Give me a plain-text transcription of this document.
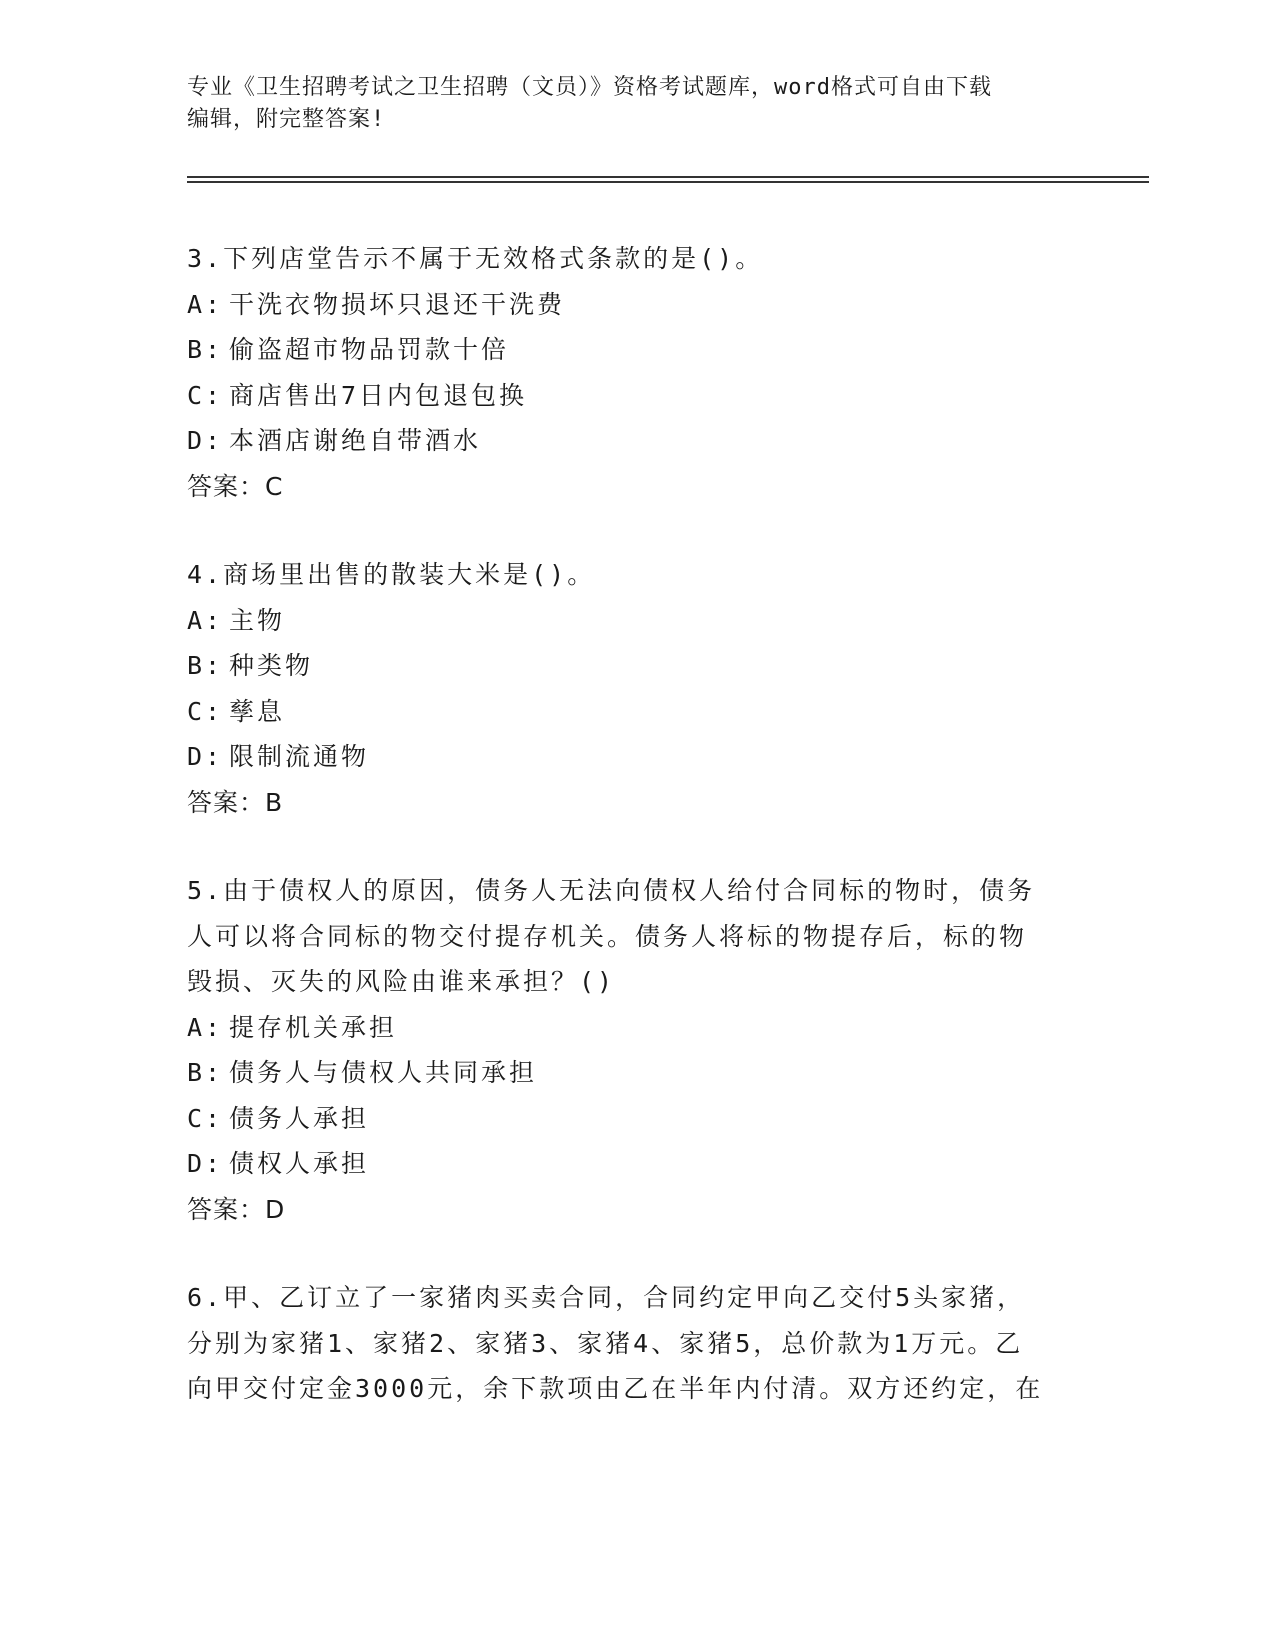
专业《卫生招聘考试之卫生招聘（文员）》资格考试题库，word格式可自由下载
编辑，附完整答案!
3.下列店堂告示不属于无效格式条款的是()。
A: 干洗衣物损坏只退还干洗费
B: 偷盗超市物品罚款十倍
C: 商店售出7日内包退包换
D: 本酒店谢绝自带酒水
答案：C
4.商场里出售的散装大米是()。
A: 主物
B: 种类物
C: 孳息
D: 限制流通物
答案：B
5.由于债权人的原因，债务人无法向债权人给付合同标的物时，债务
人可以将合同标的物交付提存机关。债务人将标的物提存后，标的物
毁损、灭失的风险由谁来承担？()
A: 提存机关承担
B: 债务人与债权人共同承担
C: 债务人承担
D: 债权人承担
答案：D
6.甲、乙订立了一家猪肉买卖合同，合同约定甲向乙交付5头家猪，
分别为家猪1、家猪2、家猪3、家猪4、家猪5，总价款为1万元。乙
向甲交付定金3000元，余下款项由乙在半年内付清。双方还约定，在
